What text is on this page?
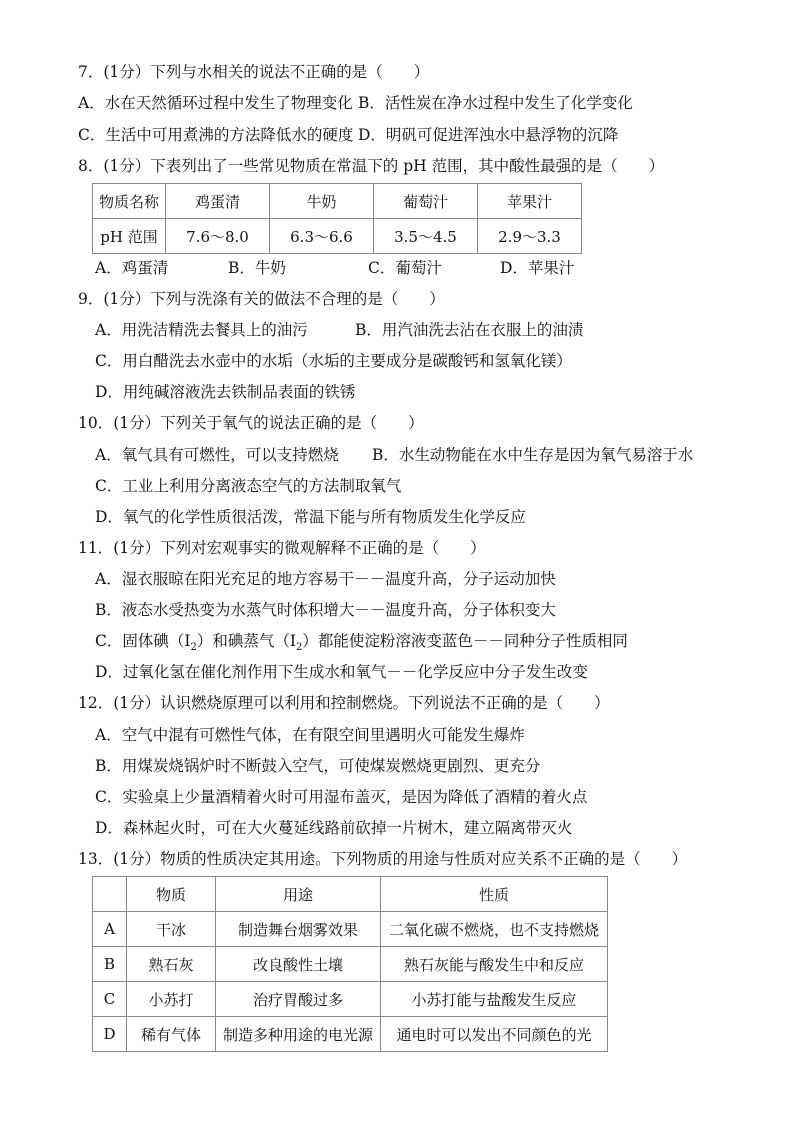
7．(1分）下列与水相关的说法不正确的是（　　）
A．水在天然循环过程中发生了物理变化 B．活性炭在净水过程中发生了化学变化
C．生活中可用煮沸的方法降低水的硬度 D．明矾可促进浑浊水中悬浮物的沉降
8．(1分）下表列出了一些常见物质在常温下的 pH 范围，其中酸性最强的是（　　）
物质名称	鸡蛋清	牛奶	葡萄汁	苹果汁
pH 范围	7.6～8.0	6.3～6.6	3.5～4.5	2.9～3.3
A．鸡蛋清	B．牛奶	C．葡萄汁	D．苹果汁
9．(1分）下列与洗涤有关的做法不合理的是（　　）
A．用洗洁精洗去餐具上的油污	B．用汽油洗去沾在衣服上的油渍
C．用白醋洗去水壶中的水垢（水垢的主要成分是碳酸钙和氢氧化镁）
D．用纯碱溶液洗去铁制品表面的铁锈
10．(1分）下列关于氧气的说法正确的是（　　）
A．氧气具有可燃性，可以支持燃烧 B．水生动物能在水中生存是因为氧气易溶于水
C．工业上利用分离液态空气的方法制取氧气
D．氧气的化学性质很活泼，常温下能与所有物质发生化学反应
11．(1分）下列对宏观事实的微观解释不正确的是（　　）
A．湿衣服晾在阳光充足的地方容易干－－温度升高，分子运动加快
B．液态水受热变为水蒸气时体积增大－－温度升高，分子体积变大
C．固体碘$(I_2)$和碘蒸气$(I_2)$都能使淀粉溶液变蓝色－－同种分子性质相同
D．过氧化氢在催化剂作用下生成水和氧气－－化学反应中分子发生改变
12．(1分）认识燃烧原理可以利用和控制燃烧。下列说法不正确的是（　　）
A．空气中混有可燃性气体，在有限空间里遇明火可能发生爆炸
B．用煤炭烧锅炉时不断鼓入空气，可使煤炭燃烧更剧烈、更充分
C．实验桌上少量酒精着火时可用湿布盖灭，是因为降低了酒精的着火点
D．森林起火时，可在大火蔓延线路前砍掉一片树木，建立隔离带灭火
13．(1分）物质的性质决定其用途。下列物质的用途与性质对应关系不正确的是（　　）
	物质	用途	性质
A	干冰	制造舞台烟雾效果	二氧化碳不燃烧，也不支持燃烧
B	熟石灰	改良酸性土壤	熟石灰能与酸发生中和反应
C	小苏打	治疗胃酸过多	小苏打能与盐酸发生反应
D	稀有气体	制造多种用途的电光源	通电时可以发出不同颜色的光
